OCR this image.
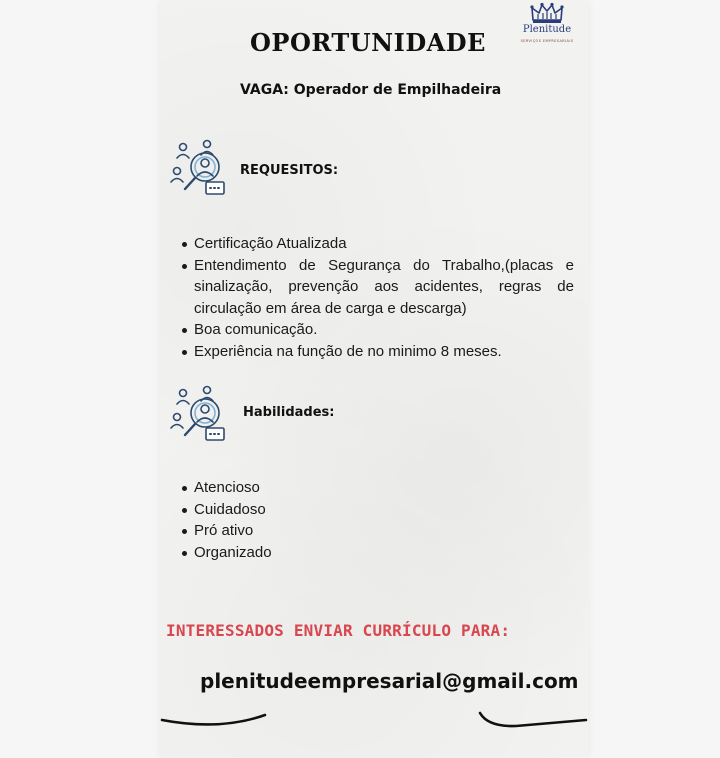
OPORTUNIDADE	Plenitude
SERVIÇOS EMPRESARIAIS
VAGA: Operador de Empilhadeira
REQUESITOS:
Certificação Atualizada
Entendimento de Segurança do Trabalho,(placas e sinalização, prevenção aos acidentes, regras de circulação em área de carga e descarga)
Boa comunicação.
Experiência na função de no minimo 8 meses.
Habilidades:
Atencioso
Cuidadoso
Pró ativo
Organizado

INTERESSADOS ENVIAR CURRÍCULO PARA:

plenitudeempresarial@gmail.com
